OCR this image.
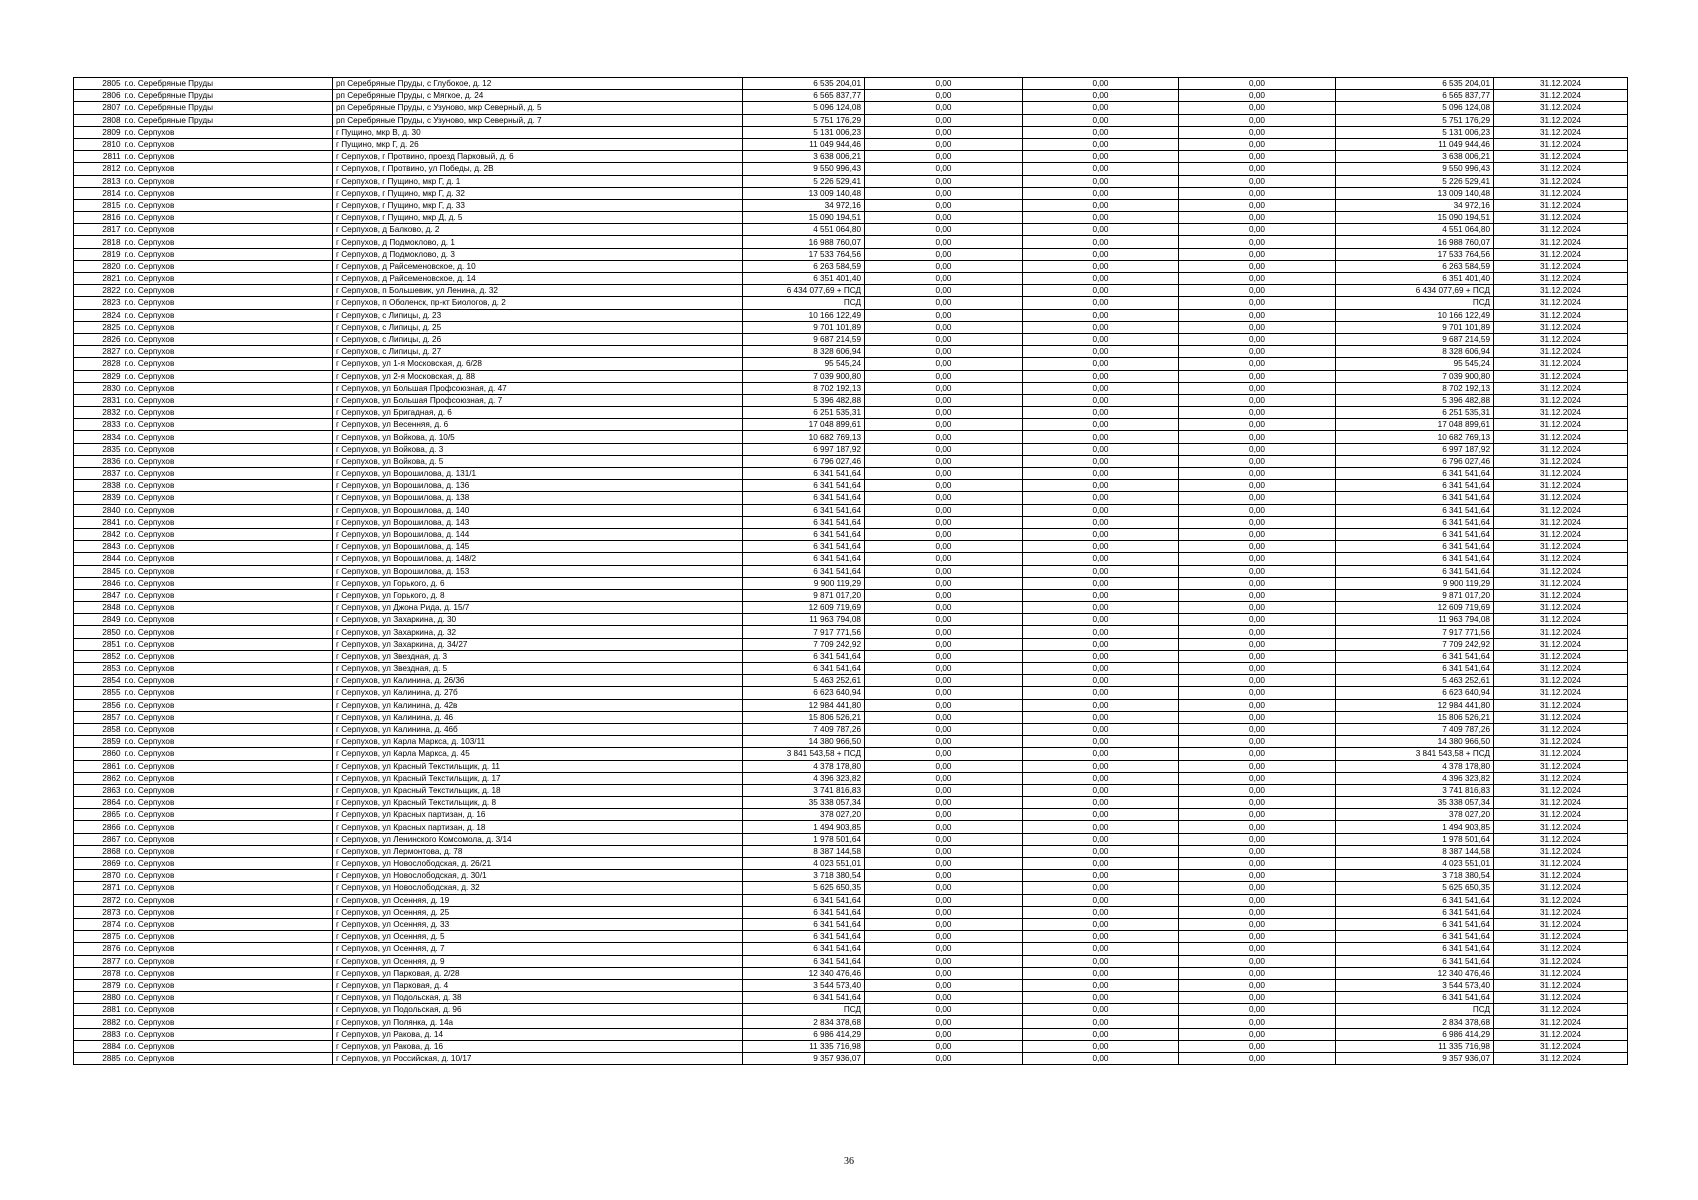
2805	г.о. Серебряные Пруды	рп Серебряные Пруды, с Глубокое, д. 12	6 535 204,01	0,00	0,00	0,00	6 535 204,01	31.12.2024
2806	г.о. Серебряные Пруды	рп Серебряные Пруды, с Мягкое, д. 24	6 565 837,77	0,00	0,00	0,00	6 565 837,77	31.12.2024
2807	г.о. Серебряные Пруды	рп Серебряные Пруды, с Узуново, мкр Северный, д. 5	5 096 124,08	0,00	0,00	0,00	5 096 124,08	31.12.2024
2808	г.о. Серебряные Пруды	рп Серебряные Пруды, с Узуново, мкр Северный, д. 7	5 751 176,29	0,00	0,00	0,00	5 751 176,29	31.12.2024
2809	г.о. Серпухов	г Пущино, мкр В, д. 30	5 131 006,23	0,00	0,00	0,00	5 131 006,23	31.12.2024
2810	г.о. Серпухов	г Пущино, мкр Г, д. 26	11 049 944,46	0,00	0,00	0,00	11 049 944,46	31.12.2024
2811	г.о. Серпухов	г Серпухов, г Протвино, проезд Парковый, д. 6	3 638 006,21	0,00	0,00	0,00	3 638 006,21	31.12.2024
2812	г.о. Серпухов	г Серпухов, г Протвино, ул Победы, д. 2В	9 550 996,43	0,00	0,00	0,00	9 550 996,43	31.12.2024
2813	г.о. Серпухов	г Серпухов, г Пущино, мкр Г, д. 1	5 226 529,41	0,00	0,00	0,00	5 226 529,41	31.12.2024
2814	г.о. Серпухов	г Серпухов, г Пущино, мкр Г, д. 32	13 009 140,48	0,00	0,00	0,00	13 009 140,48	31.12.2024
2815	г.о. Серпухов	г Серпухов, г Пущино, мкр Г, д. 33	34 972,16	0,00	0,00	0,00	34 972,16	31.12.2024
2816	г.о. Серпухов	г Серпухов, г Пущино, мкр Д, д. 5	15 090 194,51	0,00	0,00	0,00	15 090 194,51	31.12.2024
2817	г.о. Серпухов	г Серпухов, д Балково, д. 2	4 551 064,80	0,00	0,00	0,00	4 551 064,80	31.12.2024
2818	г.о. Серпухов	г Серпухов, д Подмоклово, д. 1	16 988 760,07	0,00	0,00	0,00	16 988 760,07	31.12.2024
2819	г.о. Серпухов	г Серпухов, д Подмоклово, д. 3	17 533 764,56	0,00	0,00	0,00	17 533 764,56	31.12.2024
2820	г.о. Серпухов	г Серпухов, д Райсеменовское, д. 10	6 263 584,59	0,00	0,00	0,00	6 263 584,59	31.12.2024
2821	г.о. Серпухов	г Серпухов, д Райсеменовское, д. 14	6 351 401,40	0,00	0,00	0,00	6 351 401,40	31.12.2024
2822	г.о. Серпухов	г Серпухов, п Большевик, ул Ленина, д. 32	6 434 077,69 + ПСД	0,00	0,00	0,00	6 434 077,69 + ПСД	31.12.2024
2823	г.о. Серпухов	г Серпухов, п Оболенск, пр-кт Биологов, д. 2	ПСД	0,00	0,00	0,00	ПСД	31.12.2024
2824	г.о. Серпухов	г Серпухов, с Липицы, д. 23	10 166 122,49	0,00	0,00	0,00	10 166 122,49	31.12.2024
2825	г.о. Серпухов	г Серпухов, с Липицы, д. 25	9 701 101,89	0,00	0,00	0,00	9 701 101,89	31.12.2024
2826	г.о. Серпухов	г Серпухов, с Липицы, д. 26	9 687 214,59	0,00	0,00	0,00	9 687 214,59	31.12.2024
2827	г.о. Серпухов	г Серпухов, с Липицы, д. 27	8 328 606,94	0,00	0,00	0,00	8 328 606,94	31.12.2024
2828	г.о. Серпухов	г Серпухов, ул 1-я Московская, д. 6/28	95 545,24	0,00	0,00	0,00	95 545,24	31.12.2024
2829	г.о. Серпухов	г Серпухов, ул 2-я Московская, д. 88	7 039 900,80	0,00	0,00	0,00	7 039 900,80	31.12.2024
2830	г.о. Серпухов	г Серпухов, ул Большая Профсоюзная, д. 47	8 702 192,13	0,00	0,00	0,00	8 702 192,13	31.12.2024
2831	г.о. Серпухов	г Серпухов, ул Большая Профсоюзная, д. 7	5 396 482,88	0,00	0,00	0,00	5 396 482,88	31.12.2024
2832	г.о. Серпухов	г Серпухов, ул Бригадная, д. 6	6 251 535,31	0,00	0,00	0,00	6 251 535,31	31.12.2024
2833	г.о. Серпухов	г Серпухов, ул Весенняя, д. 6	17 048 899,61	0,00	0,00	0,00	17 048 899,61	31.12.2024
2834	г.о. Серпухов	г Серпухов, ул Войкова, д. 10/5	10 682 769,13	0,00	0,00	0,00	10 682 769,13	31.12.2024
2835	г.о. Серпухов	г Серпухов, ул Войкова, д. 3	6 997 187,92	0,00	0,00	0,00	6 997 187,92	31.12.2024
2836	г.о. Серпухов	г Серпухов, ул Войкова, д. 5	6 796 027,46	0,00	0,00	0,00	6 796 027,46	31.12.2024
2837	г.о. Серпухов	г Серпухов, ул Ворошилова, д. 131/1	6 341 541,64	0,00	0,00	0,00	6 341 541,64	31.12.2024
2838	г.о. Серпухов	г Серпухов, ул Ворошилова, д. 136	6 341 541,64	0,00	0,00	0,00	6 341 541,64	31.12.2024
2839	г.о. Серпухов	г Серпухов, ул Ворошилова, д. 138	6 341 541,64	0,00	0,00	0,00	6 341 541,64	31.12.2024
2840	г.о. Серпухов	г Серпухов, ул Ворошилова, д. 140	6 341 541,64	0,00	0,00	0,00	6 341 541,64	31.12.2024
2841	г.о. Серпухов	г Серпухов, ул Ворошилова, д. 143	6 341 541,64	0,00	0,00	0,00	6 341 541,64	31.12.2024
2842	г.о. Серпухов	г Серпухов, ул Ворошилова, д. 144	6 341 541,64	0,00	0,00	0,00	6 341 541,64	31.12.2024
2843	г.о. Серпухов	г Серпухов, ул Ворошилова, д. 145	6 341 541,64	0,00	0,00	0,00	6 341 541,64	31.12.2024
2844	г.о. Серпухов	г Серпухов, ул Ворошилова, д. 148/2	6 341 541,64	0,00	0,00	0,00	6 341 541,64	31.12.2024
2845	г.о. Серпухов	г Серпухов, ул Ворошилова, д. 153	6 341 541,64	0,00	0,00	0,00	6 341 541,64	31.12.2024
2846	г.о. Серпухов	г Серпухов, ул Горького, д. 6	9 900 119,29	0,00	0,00	0,00	9 900 119,29	31.12.2024
2847	г.о. Серпухов	г Серпухов, ул Горького, д. 8	9 871 017,20	0,00	0,00	0,00	9 871 017,20	31.12.2024
2848	г.о. Серпухов	г Серпухов, ул Джона Рида, д. 15/7	12 609 719,69	0,00	0,00	0,00	12 609 719,69	31.12.2024
2849	г.о. Серпухов	г Серпухов, ул Захаркина, д. 30	11 963 794,08	0,00	0,00	0,00	11 963 794,08	31.12.2024
2850	г.о. Серпухов	г Серпухов, ул Захаркина, д. 32	7 917 771,56	0,00	0,00	0,00	7 917 771,56	31.12.2024
2851	г.о. Серпухов	г Серпухов, ул Захаркина, д. 34/27	7 709 242,92	0,00	0,00	0,00	7 709 242,92	31.12.2024
2852	г.о. Серпухов	г Серпухов, ул Звездная, д. 3	6 341 541,64	0,00	0,00	0,00	6 341 541,64	31.12.2024
2853	г.о. Серпухов	г Серпухов, ул Звездная, д. 5	6 341 541,64	0,00	0,00	0,00	6 341 541,64	31.12.2024
2854	г.о. Серпухов	г Серпухов, ул Калинина, д. 26/36	5 463 252,61	0,00	0,00	0,00	5 463 252,61	31.12.2024
2855	г.о. Серпухов	г Серпухов, ул Калинина, д. 27б	6 623 640,94	0,00	0,00	0,00	6 623 640,94	31.12.2024
2856	г.о. Серпухов	г Серпухов, ул Калинина, д. 42в	12 984 441,80	0,00	0,00	0,00	12 984 441,80	31.12.2024
2857	г.о. Серпухов	г Серпухов, ул Калинина, д. 46	15 806 526,21	0,00	0,00	0,00	15 806 526,21	31.12.2024
2858	г.о. Серпухов	г Серпухов, ул Калинина, д. 46б	7 409 787,26	0,00	0,00	0,00	7 409 787,26	31.12.2024
2859	г.о. Серпухов	г Серпухов, ул Карла Маркса, д. 103/11	14 380 966,50	0,00	0,00	0,00	14 380 966,50	31.12.2024
2860	г.о. Серпухов	г Серпухов, ул Карла Маркса, д. 45	3 841 543,58 + ПСД	0,00	0,00	0,00	3 841 543,58 + ПСД	31.12.2024
2861	г.о. Серпухов	г Серпухов, ул Красный Текстильщик, д. 11	4 378 178,80	0,00	0,00	0,00	4 378 178,80	31.12.2024
2862	г.о. Серпухов	г Серпухов, ул Красный Текстильщик, д. 17	4 396 323,82	0,00	0,00	0,00	4 396 323,82	31.12.2024
2863	г.о. Серпухов	г Серпухов, ул Красный Текстильщик, д. 18	3 741 816,83	0,00	0,00	0,00	3 741 816,83	31.12.2024
2864	г.о. Серпухов	г Серпухов, ул Красный Текстильщик, д. 8	35 338 057,34	0,00	0,00	0,00	35 338 057,34	31.12.2024
2865	г.о. Серпухов	г Серпухов, ул Красных партизан, д. 16	378 027,20	0,00	0,00	0,00	378 027,20	31.12.2024
2866	г.о. Серпухов	г Серпухов, ул Красных партизан, д. 18	1 494 903,85	0,00	0,00	0,00	1 494 903,85	31.12.2024
2867	г.о. Серпухов	г Серпухов, ул Ленинского Комсомола, д. 3/14	1 978 501,64	0,00	0,00	0,00	1 978 501,64	31.12.2024
2868	г.о. Серпухов	г Серпухов, ул Лермонтова, д. 78	8 387 144,58	0,00	0,00	0,00	8 387 144,58	31.12.2024
2869	г.о. Серпухов	г Серпухов, ул Новослободская, д. 26/21	4 023 551,01	0,00	0,00	0,00	4 023 551,01	31.12.2024
2870	г.о. Серпухов	г Серпухов, ул Новослободская, д. 30/1	3 718 380,54	0,00	0,00	0,00	3 718 380,54	31.12.2024
2871	г.о. Серпухов	г Серпухов, ул Новослободская, д. 32	5 625 650,35	0,00	0,00	0,00	5 625 650,35	31.12.2024
2872	г.о. Серпухов	г Серпухов, ул Осенняя, д. 19	6 341 541,64	0,00	0,00	0,00	6 341 541,64	31.12.2024
2873	г.о. Серпухов	г Серпухов, ул Осенняя, д. 25	6 341 541,64	0,00	0,00	0,00	6 341 541,64	31.12.2024
2874	г.о. Серпухов	г Серпухов, ул Осенняя, д. 33	6 341 541,64	0,00	0,00	0,00	6 341 541,64	31.12.2024
2875	г.о. Серпухов	г Серпухов, ул Осенняя, д. 5	6 341 541,64	0,00	0,00	0,00	6 341 541,64	31.12.2024
2876	г.о. Серпухов	г Серпухов, ул Осенняя, д. 7	6 341 541,64	0,00	0,00	0,00	6 341 541,64	31.12.2024
2877	г.о. Серпухов	г Серпухов, ул Осенняя, д. 9	6 341 541,64	0,00	0,00	0,00	6 341 541,64	31.12.2024
2878	г.о. Серпухов	г Серпухов, ул Парковая, д. 2/28	12 340 476,46	0,00	0,00	0,00	12 340 476,46	31.12.2024
2879	г.о. Серпухов	г Серпухов, ул Парковая, д. 4	3 544 573,40	0,00	0,00	0,00	3 544 573,40	31.12.2024
2880	г.о. Серпухов	г Серпухов, ул Подольская, д. 38	6 341 541,64	0,00	0,00	0,00	6 341 541,64	31.12.2024
2881	г.о. Серпухов	г Серпухов, ул Подольская, д. 96	ПСД	0,00	0,00	0,00	ПСД	31.12.2024
2882	г.о. Серпухов	г Серпухов, ул Полянка, д. 14а	2 834 378,68	0,00	0,00	0,00	2 834 378,68	31.12.2024
2883	г.о. Серпухов	г Серпухов, ул Ракова, д. 14	6 986 414,29	0,00	0,00	0,00	6 986 414,29	31.12.2024
2884	г.о. Серпухов	г Серпухов, ул Ракова, д. 16	11 335 716,98	0,00	0,00	0,00	11 335 716,98	31.12.2024
2885	г.о. Серпухов	г Серпухов, ул Российская, д. 10/17	9 357 936,07	0,00	0,00	0,00	9 357 936,07	31.12.2024
36
